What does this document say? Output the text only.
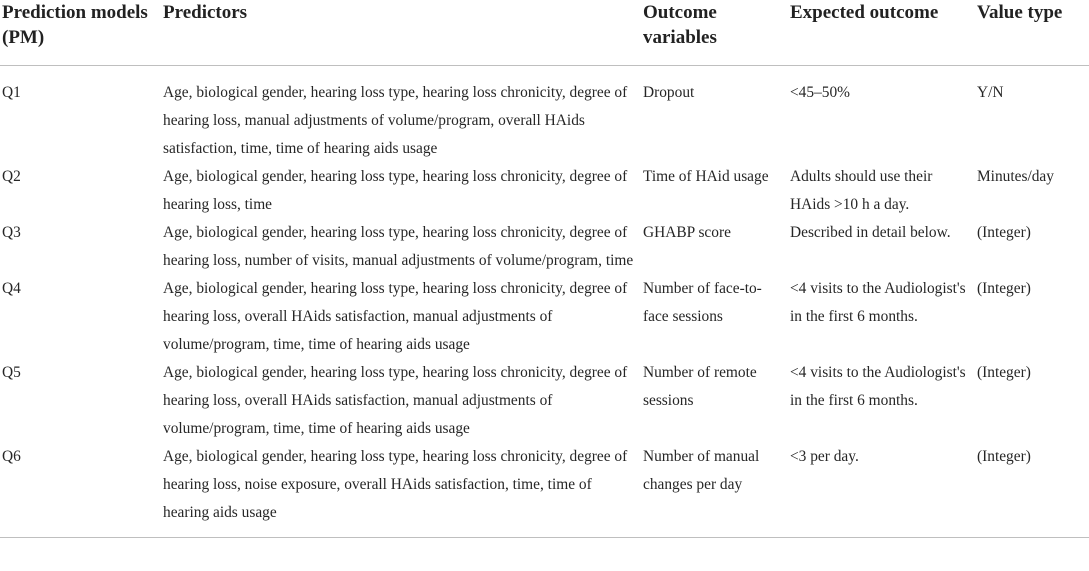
Prediction models (PM)	Predictors	Outcome variables	Expected outcome	Value type
Q1	Age, biological gender, hearing loss type, hearing loss chronicity, degree of hearing loss, manual adjustments of volume/program, overall HAids satisfaction, time, time of hearing aids usage	Dropout	<45–50%	Y/N
Q2	Age, biological gender, hearing loss type, hearing loss chronicity, degree of hearing loss, time	Time of HAid usage	Adults should use their HAids >10 h a day.	Minutes/day
Q3	Age, biological gender, hearing loss type, hearing loss chronicity, degree of hearing loss, number of visits, manual adjustments of volume/program, time	GHABP score	Described in detail below.	(Integer)
Q4	Age, biological gender, hearing loss type, hearing loss chronicity, degree of hearing loss, overall HAids satisfaction, manual adjustments of volume/program, time, time of hearing aids usage	Number of face-to-face sessions	<4 visits to the Audiologist's in the first 6 months.	(Integer)
Q5	Age, biological gender, hearing loss type, hearing loss chronicity, degree of hearing loss, overall HAids satisfaction, manual adjustments of volume/program, time, time of hearing aids usage	Number of remote sessions	<4 visits to the Audiologist's in the first 6 months.	(Integer)
Q6	Age, biological gender, hearing loss type, hearing loss chronicity, degree of hearing loss, noise exposure, overall HAids satisfaction, time, time of hearing aids usage	Number of manual changes per day	<3 per day.	(Integer)
